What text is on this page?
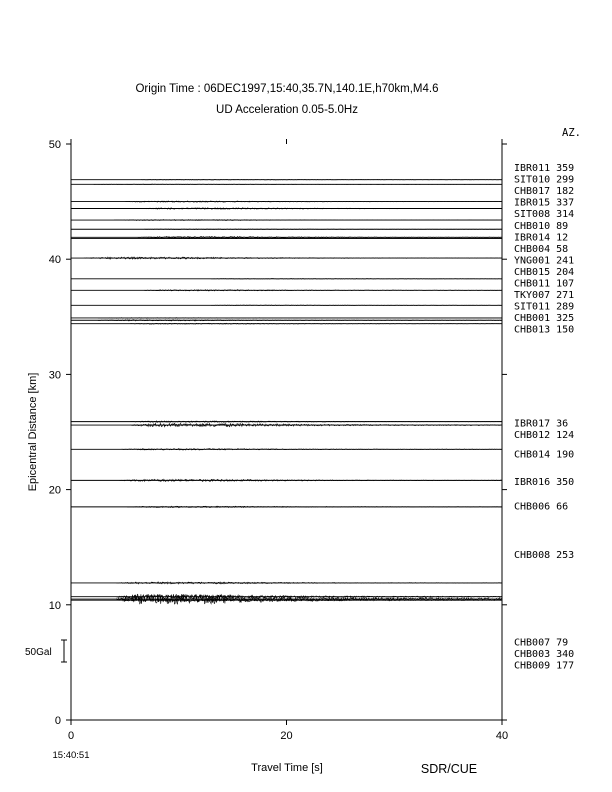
0
10
20
30
40
50
0	20	40
IBR011 359
SIT010 299
CHB017 182
IBR015 337
SIT008 314
CHB010 89
IBR014 12
CHB004 58
YNG001 241
CHB015 204
CHB011 107
TKY007 271
SIT011 289
CHB001 325
CHB013 150
IBR017 36
CHB012 124
CHB014 190
IBR016 350
CHB006 66
CHB008 253
CHB007 79
CHB003 340
CHB009 177
Origin Time : 06DEC1997,15:40,35.7N,140.1E,h70km,M4.6
UD Acceleration 0.05-5.0Hz
AZ.
Epicentral Distance [km]
Travel Time [s]
15:40:51
SDR/CUE
50Gal
